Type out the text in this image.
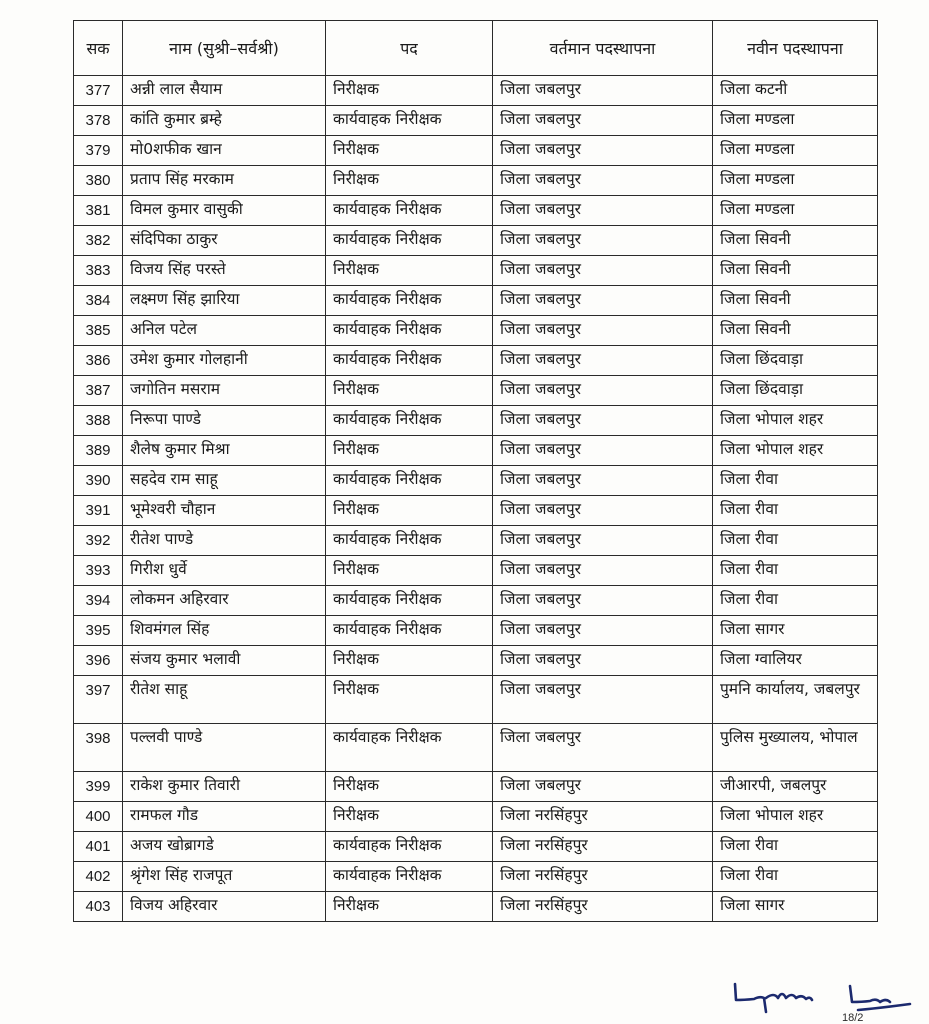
सक	नाम (सुश्री–सर्वश्री)	पद	वर्तमान पदस्थापना	नवीन पदस्थापना
377	अन्नी लाल सैयाम	निरीक्षक	जिला जबलपुर	जिला कटनी
378	कांति कुमार ब्रम्हे	कार्यवाहक निरीक्षक	जिला जबलपुर	जिला मण्डला
379	मो0शफीक खान	निरीक्षक	जिला जबलपुर	जिला मण्डला
380	प्रताप सिंह मरकाम	निरीक्षक	जिला जबलपुर	जिला मण्डला
381	विमल कुमार वासुकी	कार्यवाहक निरीक्षक	जिला जबलपुर	जिला मण्डला
382	संदिपिका ठाकुर	कार्यवाहक निरीक्षक	जिला जबलपुर	जिला सिवनी
383	विजय सिंह परस्ते	निरीक्षक	जिला जबलपुर	जिला सिवनी
384	लक्ष्मण सिंह झारिया	कार्यवाहक निरीक्षक	जिला जबलपुर	जिला सिवनी
385	अनिल पटेल	कार्यवाहक निरीक्षक	जिला जबलपुर	जिला सिवनी
386	उमेश कुमार गोलहानी	कार्यवाहक निरीक्षक	जिला जबलपुर	जिला छिंदवाड़ा
387	जगोतिन मसराम	निरीक्षक	जिला जबलपुर	जिला छिंदवाड़ा
388	निरूपा पाण्डे	कार्यवाहक निरीक्षक	जिला जबलपुर	जिला भोपाल शहर
389	शैलेष कुमार मिश्रा	निरीक्षक	जिला जबलपुर	जिला भोपाल शहर
390	सहदेव राम साहू	कार्यवाहक निरीक्षक	जिला जबलपुर	जिला रीवा
391	भूमेश्वरी चौहान	निरीक्षक	जिला जबलपुर	जिला रीवा
392	रीतेश पाण्डे	कार्यवाहक निरीक्षक	जिला जबलपुर	जिला रीवा
393	गिरीश धुर्वे	निरीक्षक	जिला जबलपुर	जिला रीवा
394	लोकमन अहिरवार	कार्यवाहक निरीक्षक	जिला जबलपुर	जिला रीवा
395	शिवमंगल सिंह	कार्यवाहक निरीक्षक	जिला जबलपुर	जिला सागर
396	संजय कुमार भलावी	निरीक्षक	जिला जबलपुर	जिला ग्वालियर
397	रीतेश साहू	निरीक्षक	जिला जबलपुर	पुमनि कार्यालय, जबलपुर
398	पल्लवी पाण्डे	कार्यवाहक निरीक्षक	जिला जबलपुर	पुलिस मुख्यालय, भोपाल
399	राकेश कुमार तिवारी	निरीक्षक	जिला जबलपुर	जीआरपी, जबलपुर
400	रामफल गौड	निरीक्षक	जिला नरसिंहपुर	जिला भोपाल शहर
401	अजय खोब्रागडे	कार्यवाहक निरीक्षक	जिला नरसिंहपुर	जिला रीवा
402	श्रृंगेश सिंह राजपूत	कार्यवाहक निरीक्षक	जिला नरसिंहपुर	जिला रीवा
403	विजय अहिरवार	निरीक्षक	जिला नरसिंहपुर	जिला सागर
18/2
